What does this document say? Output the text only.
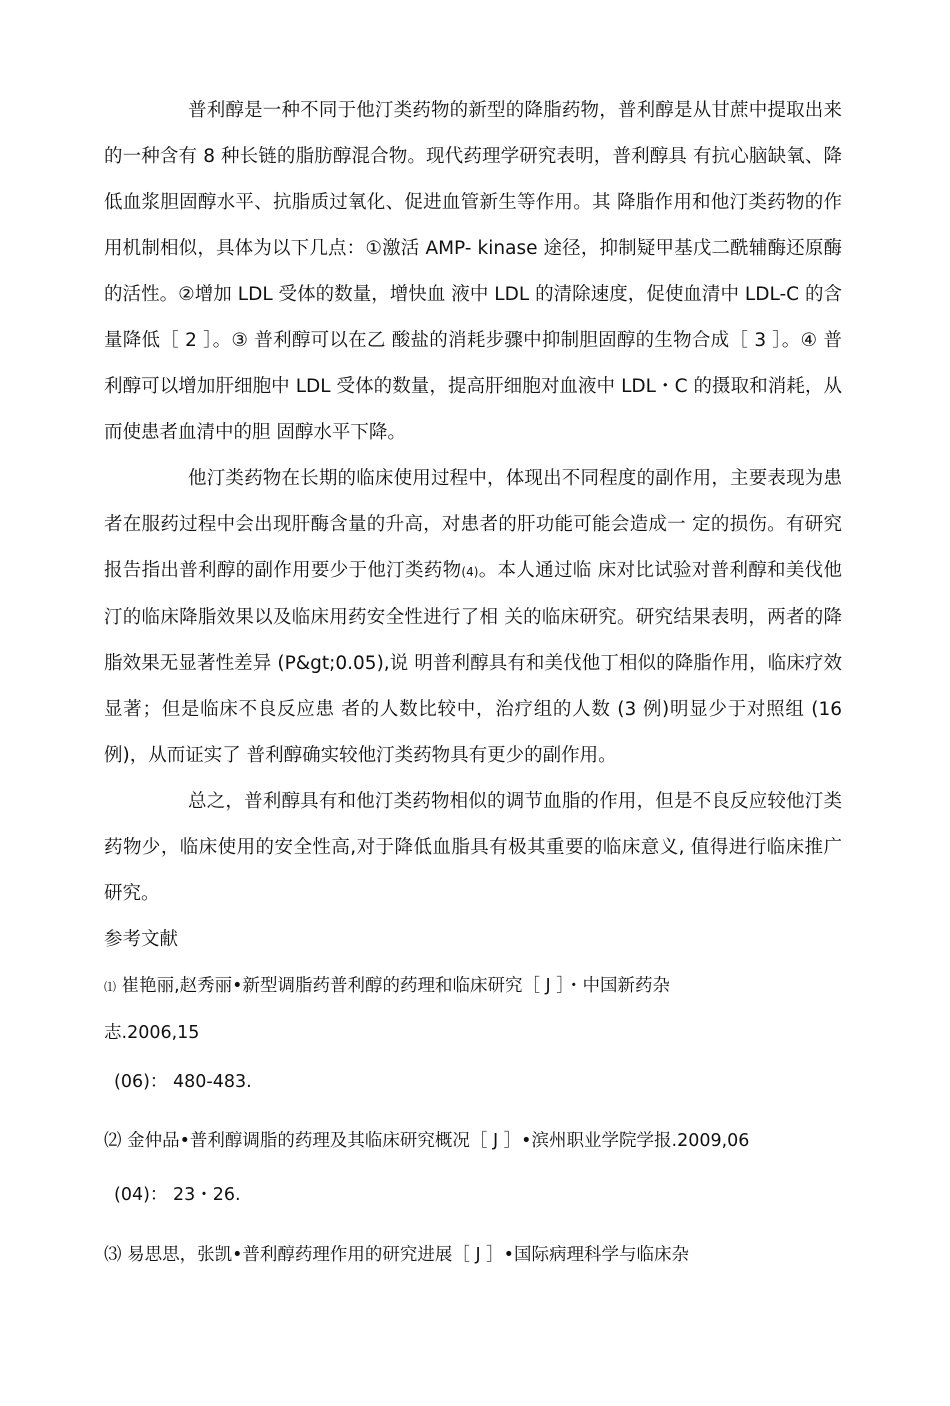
普利醇是一种不同于他汀类药物的新型的降脂药物，普利醇是从甘蔗中提取出来的一种含有 8 种长链的脂肪醇混合物。现代药理学研究表明，普利醇具 有抗心脑缺氧、降低血浆胆固醇水平、抗脂质过氧化、促进血管新生等作用。其 降脂作用和他汀类药物的作用机制相似，具体为以下几点：①激活 AMP- kinase 途径，抑制疑甲基戊二酰辅酶还原酶的活性。②增加 LDL 受体的数量，增快血 液中 LDL 的清除速度，促使血清中 LDL-C 的含量降低［ 2 ］。③ 普利醇可以在乙 酸盐的消耗步骤中抑制胆固醇的生物合成［ 3 ］。④ 普利醇可以增加肝细胞中 LDL 受体的数量，提高肝细胞对血液中 LDL・C 的摄取和消耗，从而使患者血清中的胆 固醇水平下降。

他汀类药物在长期的临床使用过程中，体现出不同程度的副作用，主要表现为患者在服药过程中会出现肝酶含量的升高，对患者的肝功能可能会造成一 定的损伤。有研究报告指出普利醇的副作用要少于他汀类药物(4)。本人通过临 床对比试验对普利醇和美伐他汀的临床降脂效果以及临床用药安全性进行了相 关的临床研究。研究结果表明，两者的降脂效果无显著性差异 (P&gt;0.05),说 明普利醇具有和美伐他丁相似的降脂作用，临床疗效显著；但是临床不良反应患 者的人数比较中，治疗组的人数 (3 例)明显少于对照组 (16 例)，从而证实了 普利醇确实较他汀类药物具有更少的副作用。

总之，普利醇具有和他汀类药物相似的调节血脂的作用，但是不良反应较他汀类药物少，临床使用的安全性高,对于降低血脂具有极其重要的临床意义, 值得进行临床推广研究。

参考文献

⑴ 崔艳丽,赵秀丽•新型调脂药普利醇的药理和临床研究［ J ］・中国新药杂

志.2006,15

(06)： 480-483.

⑵ 金仲品•普利醇调脂的药理及其临床研究概况［ J ］•滨州职业学院学报.2009,06

(04)： 23・26.

⑶ 易思思，张凯•普利醇药理作用的研究进展［ J ］•国际病理科学与临床杂
